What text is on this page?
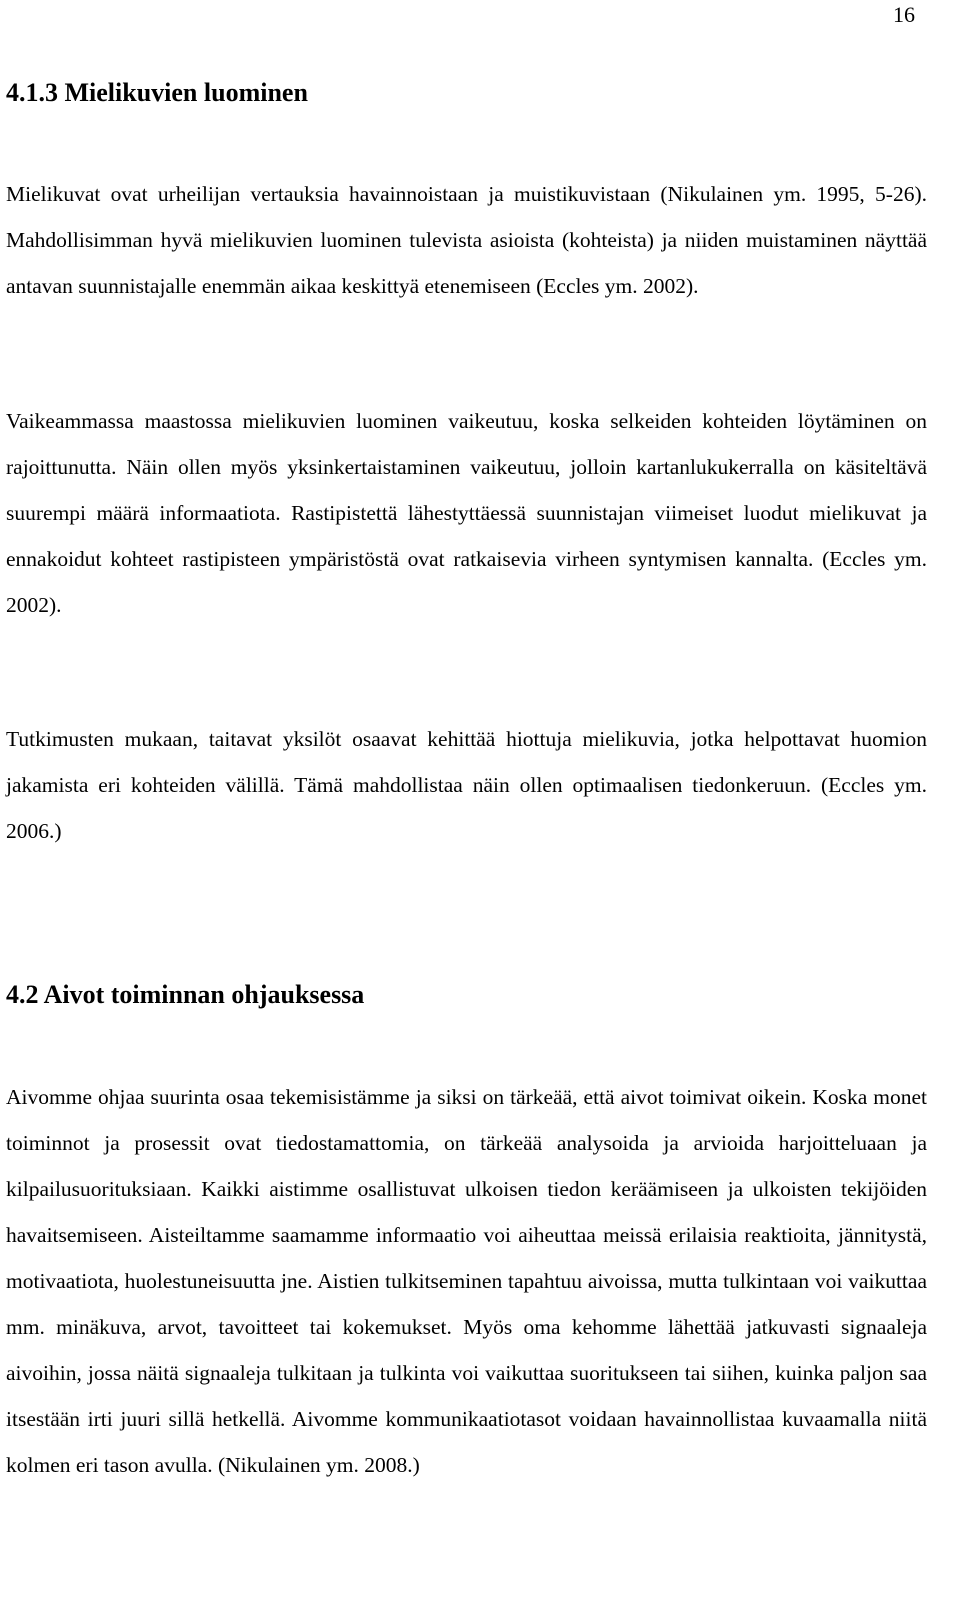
16
4.1.3 Mielikuvien luominen

Mielikuvat ovat urheilijan vertauksia havainnoistaan ja muistikuvistaan (Nikulainen ym. 1995, 5-26). Mahdollisimman hyvä mielikuvien luominen tulevista asioista (kohteista) ja niiden muistaminen näyttää antavan suunnistajalle enemmän aikaa keskittyä etenemiseen (Eccles ym. 2002).

Vaikeammassa maastossa mielikuvien luominen vaikeutuu, koska selkeiden kohteiden löytäminen on rajoittunutta. Näin ollen myös yksinkertaistaminen vaikeutuu, jolloin kartanlukukerralla on käsiteltävä suurempi määrä informaatiota. Rastipistettä lähestyttäessä suunnistajan viimeiset luodut mielikuvat ja ennakoidut kohteet rastipisteen ympäristöstä ovat ratkaisevia virheen syntymisen kannalta. (Eccles ym. 2002).

Tutkimusten mukaan, taitavat yksilöt osaavat kehittää hiottuja mielikuvia, jotka helpottavat huomion jakamista eri kohteiden välillä. Tämä mahdollistaa näin ollen optimaalisen tiedonkeruun. (Eccles ym. 2006.)

4.2 Aivot toiminnan ohjauksessa

Aivomme ohjaa suurinta osaa tekemisistämme ja siksi on tärkeää, että aivot toimivat oikein. Koska monet toiminnot ja prosessit ovat tiedostamattomia, on tärkeää analysoida ja arvioida harjoitteluaan ja kilpailusuorituksiaan. Kaikki aistimme osallistuvat ulkoisen tiedon keräämiseen ja ulkoisten tekijöiden havaitsemiseen. Aisteiltamme saamamme informaatio voi aiheuttaa meissä erilaisia reaktioita, jännitystä, motivaatiota, huolestuneisuutta jne. Aistien tulkitseminen tapahtuu aivoissa, mutta tulkintaan voi vaikuttaa mm. minäkuva, arvot, tavoitteet tai kokemukset. Myös oma kehomme lähettää jatkuvasti signaaleja aivoihin, jossa näitä signaaleja tulkitaan ja tulkinta voi vaikuttaa suoritukseen tai siihen, kuinka paljon saa itsestään irti juuri sillä hetkellä. Aivomme kommunikaatiotasot voidaan havainnollistaa kuvaamalla niitä kolmen eri tason avulla. (Nikulainen ym. 2008.)
